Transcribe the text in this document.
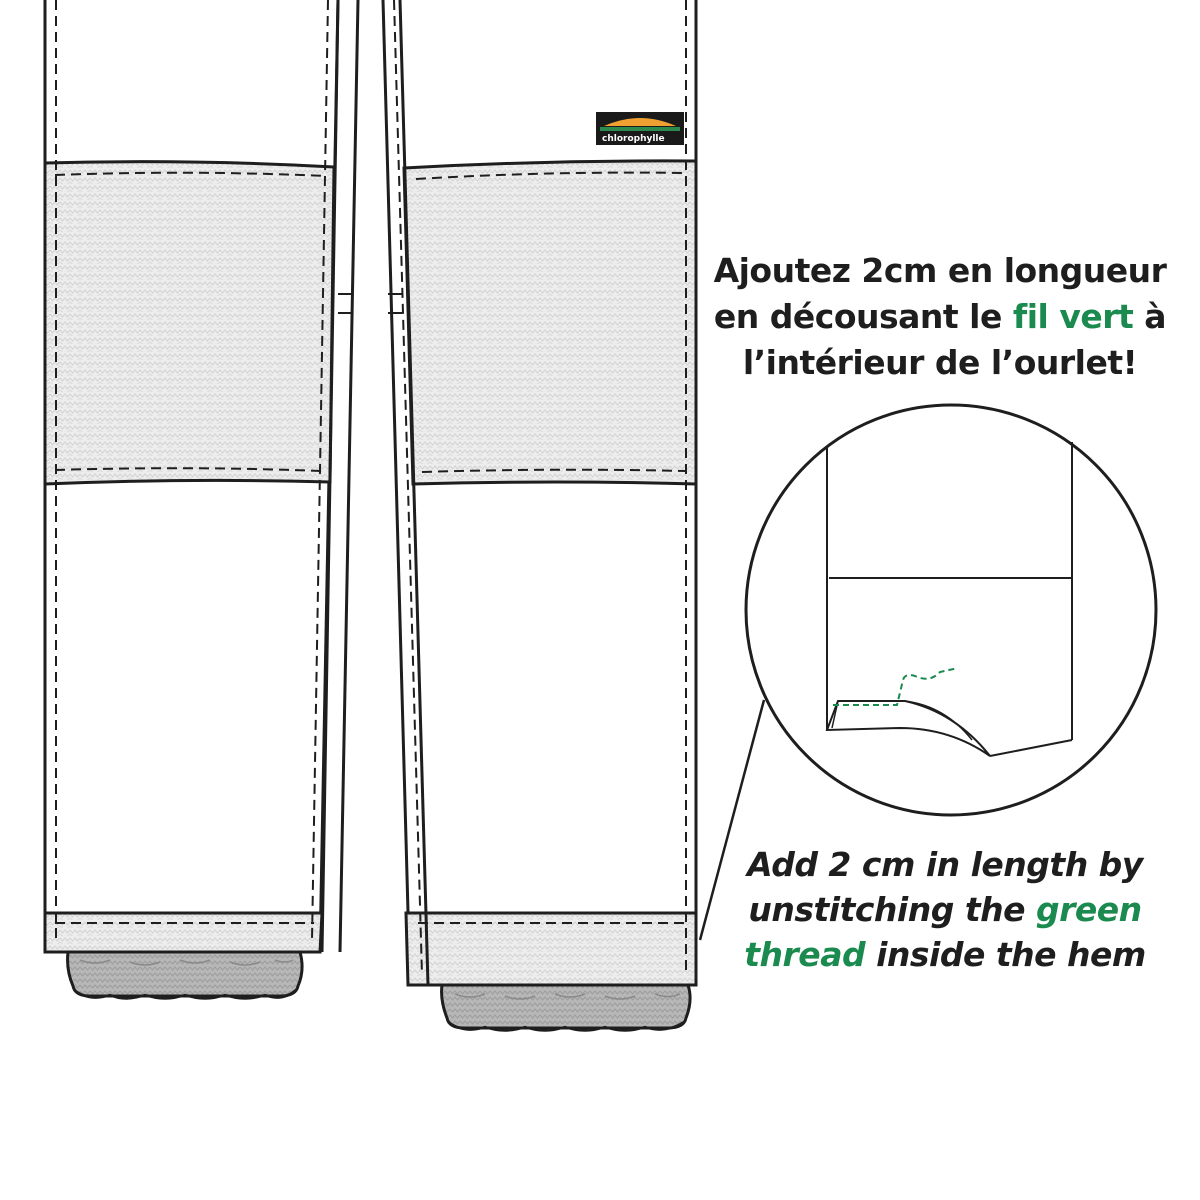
chlorophylle
Ajoutez 2cm en longueur
en décousant le fil vert à
l’intérieur de l’ourlet!
Add 2 cm in length by
unstitching the green
thread inside the hem
